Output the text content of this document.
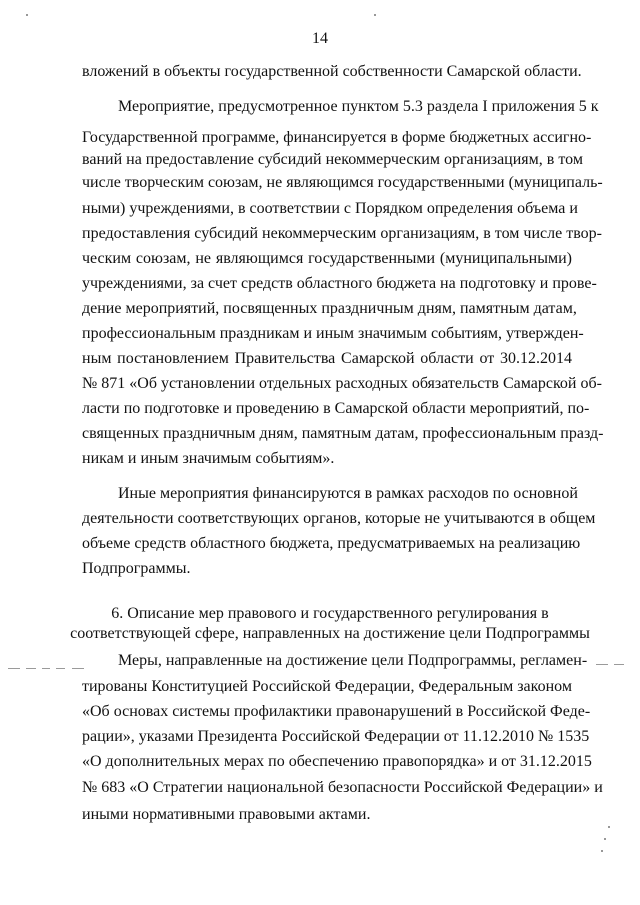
14
вложений в объекты государственной собственности Самарской области.
Мероприятие, предусмотренное пунктом 5.3 раздела I приложения 5 к
Государственной программе, финансируется в форме бюджетных ассигно-
ваний на предоставление субсидий некоммерческим организациям, в том
числе творческим союзам, не являющимся государственными (муниципаль-
ными) учреждениями, в соответствии с Порядком определения объема и
предоставления субсидий некоммерческим организациям, в том числе твор-
ческим союзам, не являющимся государственными (муниципальными)
учреждениями, за счет средств областного бюджета на подготовку и прове-
дение мероприятий, посвященных праздничным дням, памятным датам,
профессиональным праздникам и иным значимым событиям, утвержден-
ным постановлением Правительства Самарской области от 30.12.2014
№ 871 «Об установлении отдельных расходных обязательств Самарской об-
ласти по подготовке и проведению в Самарской области мероприятий, по-
священных праздничным дням, памятным датам, профессиональным празд-
никам и иным значимым событиям».
Иные мероприятия финансируются в рамках расходов по основной
деятельности соответствующих органов, которые не учитываются в общем
объеме средств областного бюджета, предусматриваемых на реализацию
Подпрограммы.
6. Описание мер правового и государственного регулирования в
соответствующей сфере, направленных на достижение цели Подпрограммы
Меры, направленные на достижение цели Подпрограммы, регламен-
тированы Конституцией Российской Федерации, Федеральным законом
«Об основах системы профилактики правонарушений в Российской Феде-
рации», указами Президента Российской Федерации от 11.12.2010 № 1535
«О дополнительных мерах по обеспечению правопорядка» и от 31.12.2015
№ 683 «О Стратегии национальной безопасности Российской Федерации» и
иными нормативными правовыми актами.
